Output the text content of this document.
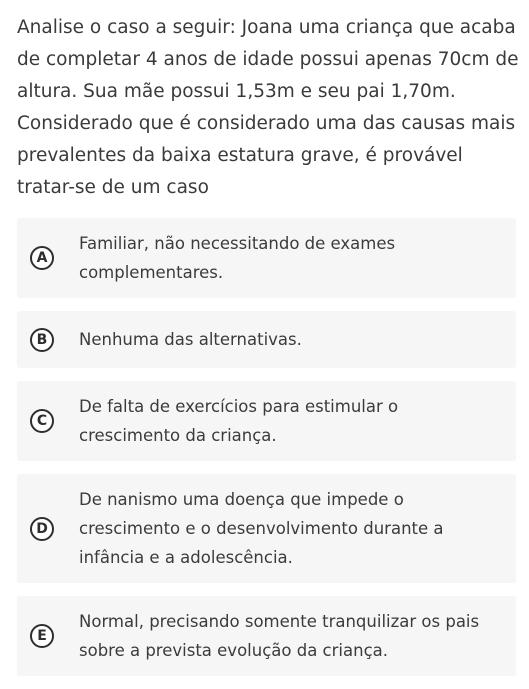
Analise o caso a seguir: Joana uma criança que acaba de completar 4 anos de idade possui apenas 70cm de altura. Sua mãe possui 1,53m e seu pai 1,70m. Considerado que é considerado uma das causas mais prevalentes da baixa estatura grave, é provável tratar-se de um caso

A
Familiar, não necessitando de exames complementares.
B	Nenhuma das alternativas.
C
De falta de exercícios para estimular o crescimento da criança.
D
De nanismo uma doença que impede o crescimento e o desenvolvimento durante a infância e a adolescência.
E
Normal, precisando somente tranquilizar os pais sobre a prevista evolução da criança.
